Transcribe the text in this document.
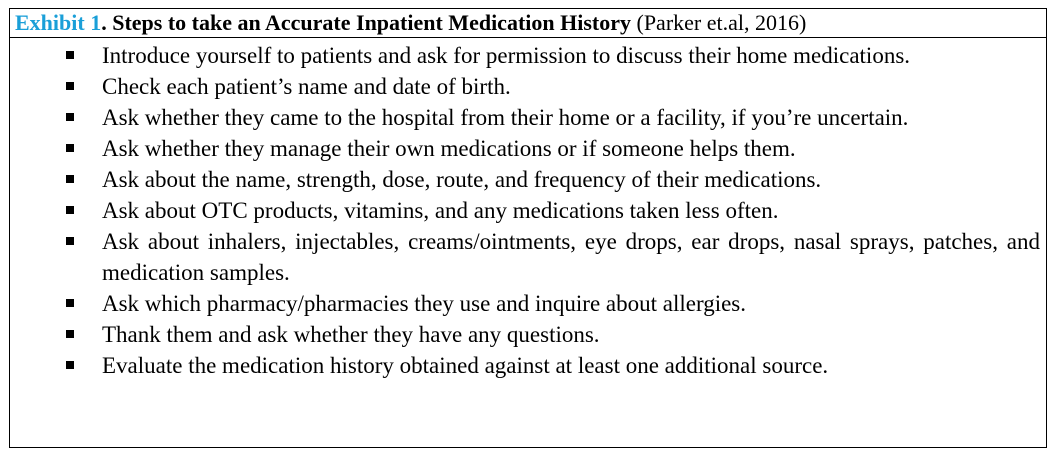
Exhibit 1. Steps to take an Accurate Inpatient Medication History (Parker et.al, 2016)
Introduce yourself to patients and ask for permission to discuss their home medications.
Check each patient’s name and date of birth.
Ask whether they came to the hospital from their home or a facility, if you’re uncertain.
Ask whether they manage their own medications or if someone helps them.
Ask about the name, strength, dose, route, and frequency of their medications.
Ask about OTC products, vitamins, and any medications taken less often.
Ask about inhalers, injectables, creams/ointments, eye drops, ear drops, nasal sprays, patches, and medication samples.
Ask which pharmacy/pharmacies they use and inquire about allergies.
Thank them and ask whether they have any questions.
Evaluate the medication history obtained against at least one additional source.
